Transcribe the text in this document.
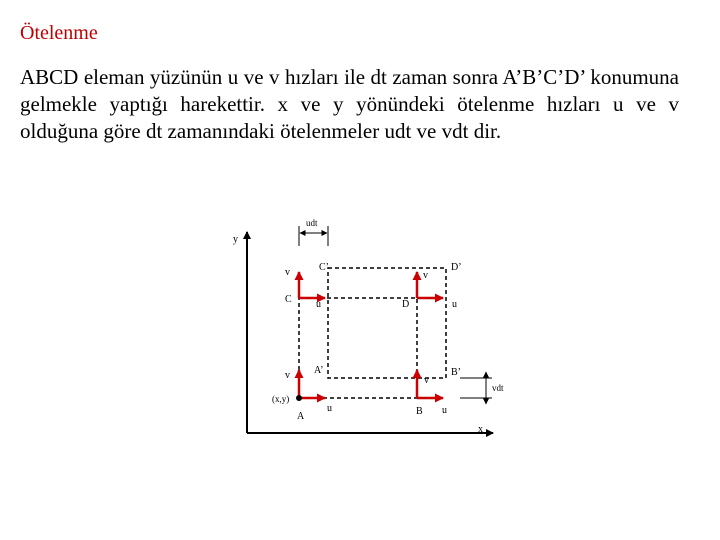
Ötelenme
ABCD eleman yüzünün u ve v hızları ile dt zaman sonra A’B’C’D’ konumuna gelmekle yaptığı harekettir. x ve y yönündeki ötelenme hızları u ve v olduğuna göre dt zamanındaki ötelenmeler udt ve vdt dir.
y
x
udt
vdt
C	D
A	B
C’	D’
A’	B’
(x,y)
v
u
v
u
v
u
v
u
